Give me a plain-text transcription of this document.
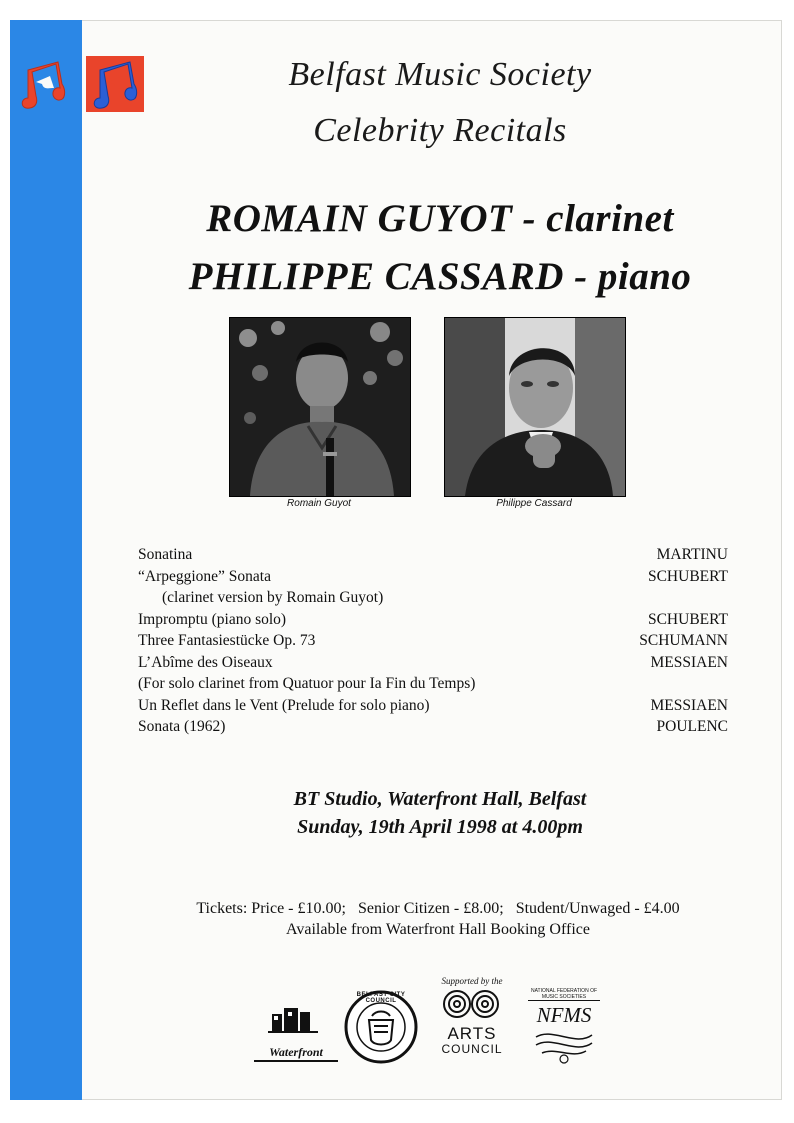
Belfast Music Society
Celebrity Recitals
ROMAIN GUYOT - clarinet
PHILIPPE CASSARD - piano
Romain Guyot	Philippe Cassard
Sonatina	MARTINU
“Arpeggione” Sonata	SCHUBERT
(clarinet version by Romain Guyot)
Impromptu (piano solo)	SCHUBERT
Three Fantasiestücke Op. 73	SCHUMANN
L’Abîme des Oiseaux	MESSIAEN
(For solo clarinet from Quatuor pour Ia Fin du Temps)
Un Reflet dans le Vent (Prelude for solo piano)	MESSIAEN
Sonata (1962)	POULENC
BT Studio, Waterfront Hall, Belfast
Sunday, 19th April 1998 at 4.00pm
Tickets: Price - £10.00;   Senior Citizen - £8.00;   Student/Unwaged - £4.00
Available from Waterfront Hall Booking Office
Waterfront
BELFAST CITY COUNCIL
Supported by the
ARTS
COUNCIL
NATIONAL FEDERATION OF MUSIC SOCIETIES
NFMS
